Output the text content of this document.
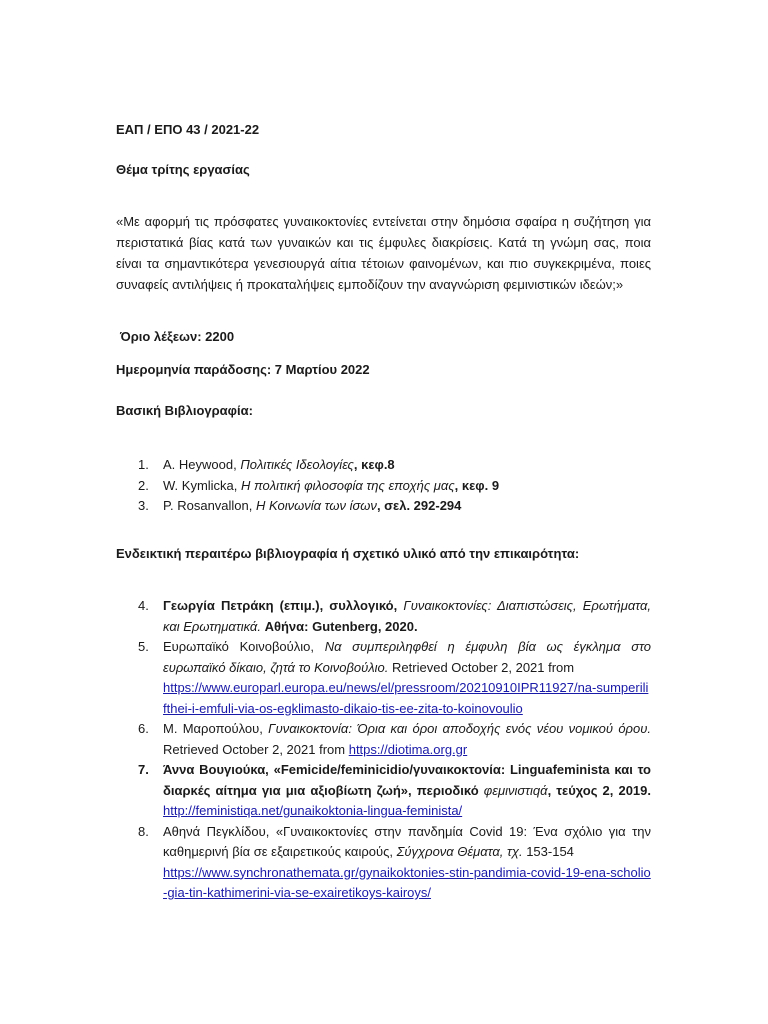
ΕΑΠ / ΕΠΟ 43 / 2021-22
Θέμα τρίτης εργασίας
«Με αφορμή τις πρόσφατες γυναικοκτονίες εντείνεται στην δημόσια σφαίρα η συζήτηση για περιστατικά βίας κατά των γυναικών και τις έμφυλες διακρίσεις. Κατά τη γνώμη σας, ποια είναι τα σημαντικότερα γενεσιουργά αίτια τέτοιων φαινομένων, και πιο συγκεκριμένα, ποιες συναφείς αντιλήψεις ή προκαταλήψεις εμποδίζουν την αναγνώριση φεμινιστικών ιδεών;»
Όριο λέξεων: 2200
Ημερομηνία παράδοσης: 7 Μαρτίου 2022
Βασική Βιβλιογραφία:
1. A. Heywood, Πολιτικές Ιδεολογίες, κεφ.8
2. W. Kymlicka, Η πολιτική φιλοσοφία της εποχής μας, κεφ. 9
3. P. Rosanvallon, Η Κοινωνία των ίσων, σελ. 292-294
Ενδεικτική περαιτέρω βιβλιογραφία ή σχετικό υλικό από την επικαιρότητα:
4. Γεωργία Πετράκη (επιμ.), συλλογικό, Γυναικοκτονίες: Διαπιστώσεις, Ερωτήματα, και Ερωτηματικά. Αθήνα: Gutenberg, 2020.
5. Ευρωπαϊκό Κοινοβούλιο, Να συμπεριληφθεί η έμφυλη βία ως έγκλημα στο ευρωπαϊκό δίκαιο, ζητά το Κοινοβούλιο. Retrieved October 2, 2021 from
https://www.europarl.europa.eu/news/el/pressroom/20210910IPR11927/na-sumperilifthei-i-emfuli-via-os-egklimasto-dikaio-tis-ee-zita-to-koinovoulio
6. Μ. Μαροπούλου, Γυναικοκτονία: Όρια και όροι αποδοχής ενός νέου νομικού όρου. Retrieved October 2, 2021 from https://diotima.org.gr
7. Άννα Βουγιούκα, «Femicide/feminicidio/γυναικοκτονία: Linguafeminista και το διαρκές αίτημα για μια αξιοβίωτη ζωή», περιοδικό φεμινιστιqά, τεύχος 2, 2019. http://feministiqa.net/gunaikoktonia-lingua-feminista/
8. Αθηνά Πεγκλίδου, «Γυναικοκτονίες στην πανδημία Covid 19: Ένα σχόλιο για την καθημερινή βία σε εξαιρετικούς καιρούς, Σύγχρονα Θέματα, τχ. 153-154
https://www.synchronathemata.gr/gynaikoktonies-stin-pandimia-covid-19-ena-scholio-gia-tin-kathimerini-via-se-exairetikoys-kairoys/
